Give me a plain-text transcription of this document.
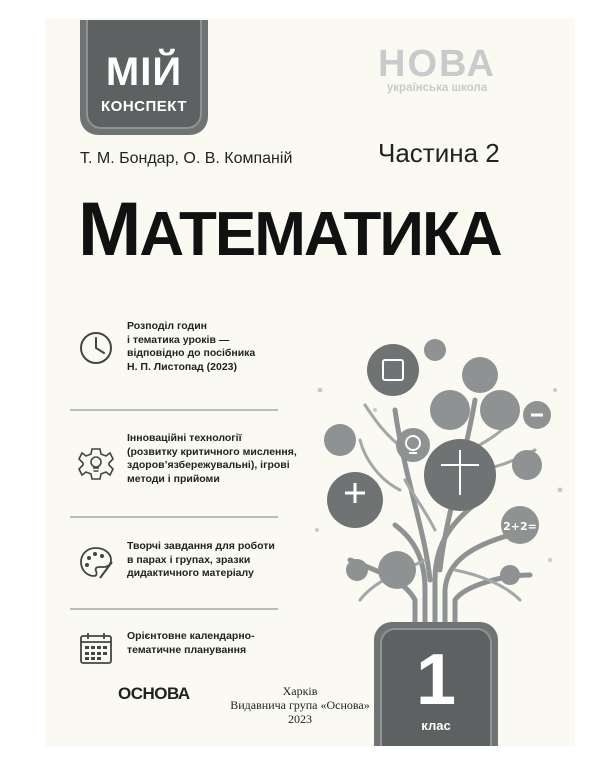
МІЙ
КОНСПЕКТ
НОВА
українська школа
Т. М. Бондар, О. В. Компаній	Частина 2
МАТЕМАТИКА
Розподіл годин
і тематика уроків —
відповідно до посібника
Н. П. Листопад (2023)
Інноваційні технології
(розвитку критичного мислення,
здоров’язбережувальні), ігрові
методи і прийоми
Творчі завдання для роботи
в парах і групах, зразки
дидактичного матеріалу
Орієнтовне календарно-
тематичне планування
2+2=
1
клас
ОСНОВА	Харків
Видавнича група «Основа»
2023
